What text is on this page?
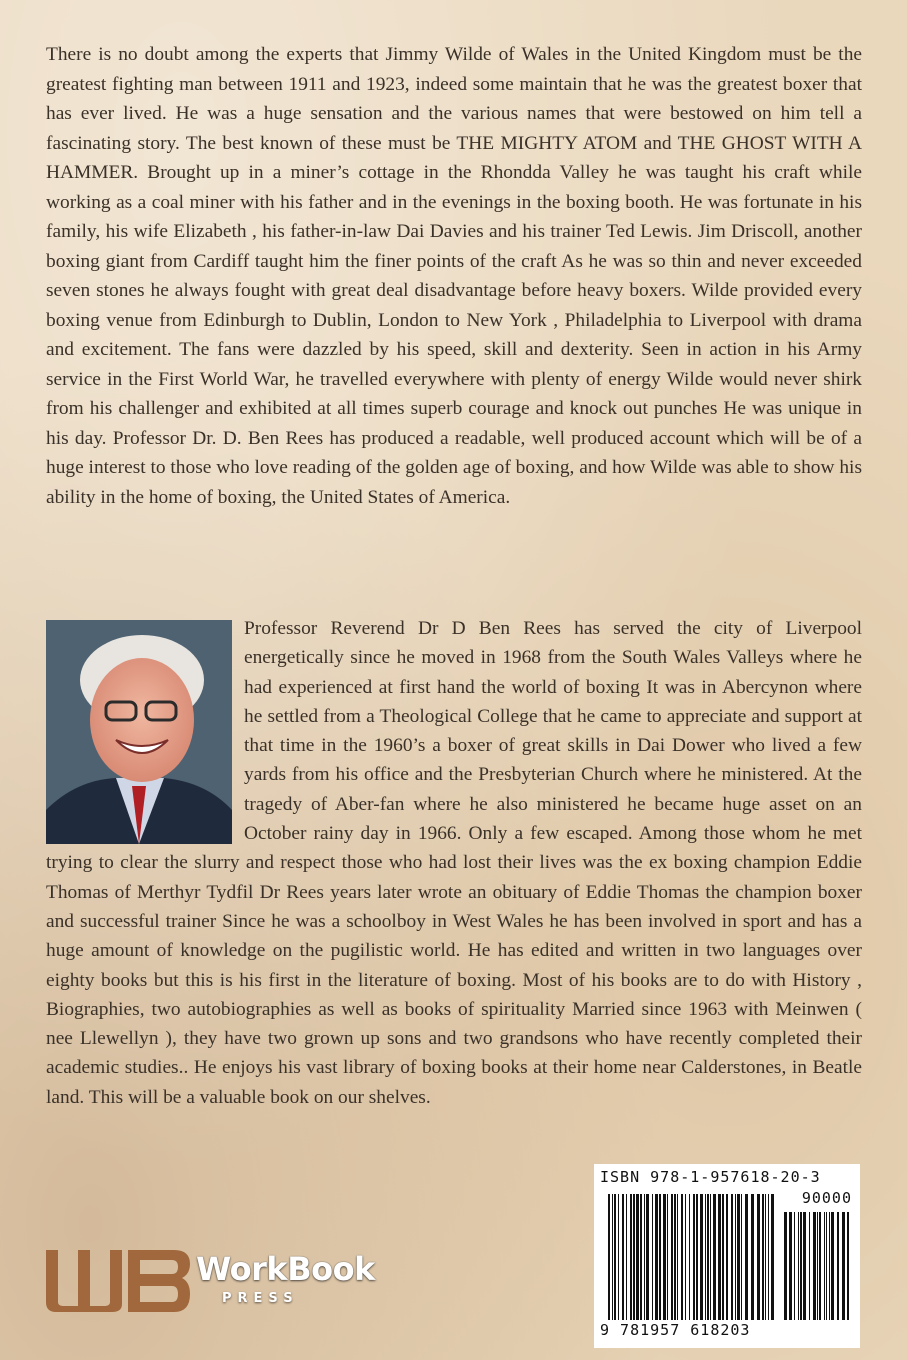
There is no doubt among the experts that Jimmy Wilde of Wales in the United Kingdom must be the greatest fighting man between 1911 and 1923, indeed some maintain that he was the greatest boxer that has ever lived. He was a huge sensation and the various names that were bestowed on him tell a fascinating story. The best known of these must be THE MIGHTY ATOM and THE GHOST WITH A HAMMER. Brought up in a miner’s cottage in the Rhondda Valley he was taught his craft while working as a coal miner with his father and in the evenings in the boxing booth. He was fortunate in his family, his wife Elizabeth , his father-in-law Dai Davies and his trainer Ted Lewis. Jim Driscoll, another boxing giant from Cardiff taught him the finer points of the craft As he was so thin and never exceeded seven stones he always fought with great deal disadvantage before heavy boxers. Wilde provided every boxing venue from Edinburgh to Dublin, London to New York , Philadelphia to Liverpool with drama and excitement. The fans were dazzled by his speed, skill and dexterity. Seen in action in his Army service in the First World War, he travelled everywhere with plenty of energy Wilde would never shirk from his challenger and exhibited at all times superb courage and knock out punches He was unique in his day. Professor Dr. D. Ben Rees has produced a readable, well produced account which will be of a huge interest to those who love reading of the golden age of boxing, and how Wilde was able to show his ability in the home of boxing, the United States of America.

Professor Reverend Dr D Ben Rees has served the city of Liverpool energetically since he moved in 1968 from the South Wales Valleys where he had experienced at first hand the world of boxing It was in Abercynon where he settled from a Theological College that he came to appreciate and support at that time in the 1960’s a boxer of great skills in Dai Dower who lived a few yards from his office and the Presbyterian Church where he ministered. At the tragedy of Aber-fan where he also ministered he became huge asset on an October rainy day in 1966. Only a few escaped. Among those whom he met trying to clear the slurry and respect those who had lost their lives was the ex boxing champion Eddie Thomas of Merthyr Tydfil Dr Rees years later wrote an obituary of Eddie Thomas the champion boxer and successful trainer Since he was a schoolboy in West Wales he has been involved in sport and has a huge amount of knowledge on the pugilistic world. He has edited and written in two languages over eighty books but this is his first in the literature of boxing. Most of his books are to do with History , Biographies, two autobiographies as well as books of spirituality Married since 1963 with Meinwen ( nee Llewellyn ), they have two grown up sons and two grandsons who have recently completed their academic studies.. He enjoys his vast library of boxing books at their home near Calderstones, in Beatle land. This will be a valuable book on our shelves.

ISBN 978-1-957618-20-3
90000
9 781957 618203
WorkBook
PRESS
